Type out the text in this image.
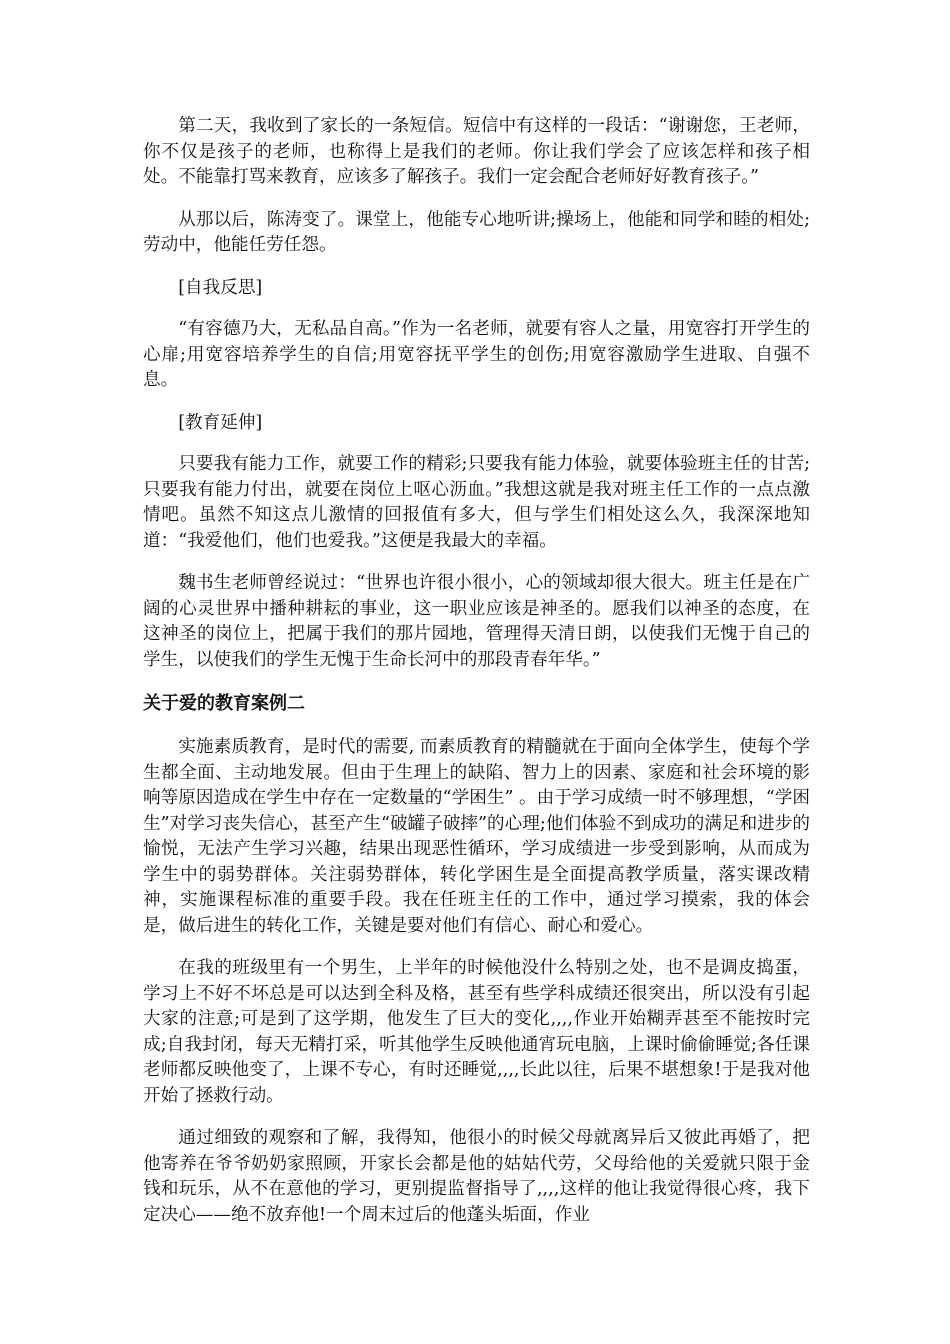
第二天，我收到了家长的一条短信。短信中有这样的一段话：“谢谢您，王老师，你不仅是孩子的老师，也称得上是我们的老师。你让我们学会了应该怎样和孩子相处。不能靠打骂来教育，应该多了解孩子。我们一定会配合老师好好教育孩子。”

从那以后，陈涛变了。课堂上，他能专心地听讲;操场上，他能和同学和睦的相处;劳动中，他能任劳任怨。

[自我反思]

“有容德乃大，无私品自高。”作为一名老师，就要有容人之量，用宽容打开学生的心扉;用宽容培养学生的自信;用宽容抚平学生的创伤;用宽容激励学生进取、自强不息。

[教育延伸]

只要我有能力工作，就要工作的精彩;只要我有能力体验，就要体验班主任的甘苦;只要我有能力付出，就要在岗位上呕心沥血。”我想这就是我对班主任工作的一点点激情吧。虽然不知这点儿激情的回报值有多大，但与学生们相处这么久，我深深地知道：“我爱他们，他们也爱我。”这便是我最大的幸福。

魏书生老师曾经说过：“世界也许很小很小，心的领域却很大很大。班主任是在广阔的心灵世界中播种耕耘的事业，这一职业应该是神圣的。愿我们以神圣的态度，在这神圣的岗位上，把属于我们的那片园地，管理得天清日朗，以使我们无愧于自己的学生，以使我们的学生无愧于生命长河中的那段青春年华。”

关于爱的教育案例二

实施素质教育，是时代的需要, 而素质教育的精髓就在于面向全体学生，使每个学生都全面、主动地发展。但由于生理上的缺陷、智力上的因素、家庭和社会环境的影响等原因造成在学生中存在一定数量的“学困生” 。由于学习成绩一时不够理想，“学困生”对学习丧失信心，甚至产生“破罐子破摔”的心理;他们体验不到成功的满足和进步的愉悦，无法产生学习兴趣，结果出现恶性循环，学习成绩进一步受到影响，从而成为学生中的弱势群体。关注弱势群体，转化学困生是全面提高教学质量，落实课改精神，实施课程标准的重要手段。我在任班主任的工作中，通过学习摸索，我的体会是，做后进生的转化工作，关键是要对他们有信心、耐心和爱心。

在我的班级里有一个男生，上半年的时候他没什么特别之处，也不是调皮捣蛋，学习上不好不坏总是可以达到全科及格，甚至有些学科成绩还很突出，所以没有引起大家的注意;可是到了这学期，他发生了巨大的变化,,,,作业开始糊弄甚至不能按时完成;自我封闭，每天无精打采，听其他学生反映他通宵玩电脑，上课时偷偷睡觉;各任课老师都反映他变了，上课不专心，有时还睡觉,,,,长此以往，后果不堪想象!于是我对他开始了拯救行动。

通过细致的观察和了解，我得知，他很小的时候父母就离异后又彼此再婚了，把他寄养在爷爷奶奶家照顾，开家长会都是他的姑姑代劳，父母给他的关爱就只限于金钱和玩乐，从不在意他的学习，更别提监督指导了,,,,这样的他让我觉得很心疼，我下定决心——绝不放弃他!一个周末过后的他蓬头垢面，作业
